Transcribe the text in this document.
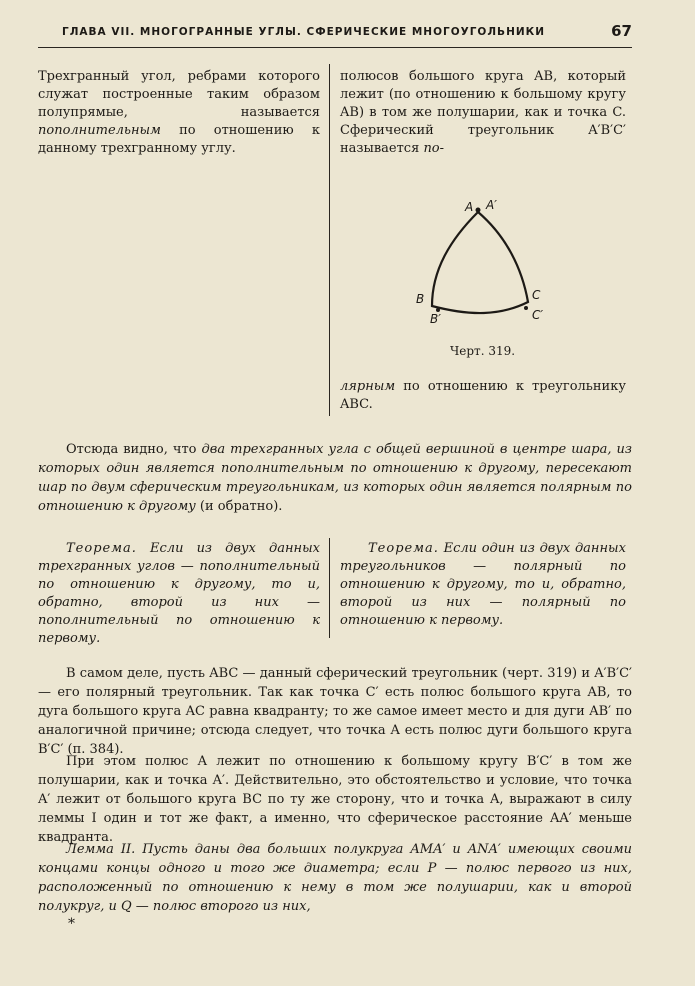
ГЛАВА VII. МНОГОГРАННЫЕ УГЛЫ. СФЕРИЧЕСКИЕ МНОГОУГОЛЬНИКИ	67
Трехгранный угол, ребрами которого служат построенные таким образом полупрямые, называется пополнительным по отношению к данному трехгранному углу.
полюсов большого круга AB, который лежит (по отношению к большому кругу AB) в том же полушарии, как и точка C. Сферический треугольник A′B′C′ называется по-
A A′
B
B′
C
C′
Черт. 319.
лярным по отношению к треугольнику ABC.
Отсюда видно, что два трехгранных угла с общей вершиной в центре шара, из которых один является пополнительным по отношению к другому, пересекают шар по двум сферическим треугольникам, из которых один является полярным по отношению к другому (и обратно).
Теорема. Если из двух данных трехгранных углов — пополнительный по отношению к другому, то и, обратно, второй из них — пополнительный по отношению к первому.
Теорема. Если один из двух данных треугольников — полярный по отношению к другому, то и, обратно, второй из них — полярный по отношению к первому.
В самом деле, пусть ABC — данный сферический треугольник (черт. 319) и A′B′C′ — его полярный треугольник. Так как точка C′ есть полюс большого круга AB, то дуга большого круга AC равна квадранту; то же самое имеет место и для дуги AB′ по аналогичной причине; отсюда следует, что точка A есть полюс дуги большого круга B′C′ (п. 384).
При этом полюс A лежит по отношению к большому кругу B′C′ в том же полушарии, как и точка A′. Действительно, это обстоятельство и условие, что точка A′ лежит от большого круга BC по ту же сторону, что и точка A, выражают в силу леммы I один и тот же факт, а именно, что сферическое расстояние AA′ меньше квадранта.
Лемма II. Пусть даны два больших полукруга AMA′ и ANA′ имеющих своими концами концы одного и того же диаметра; если P — полюс первого из них, расположенный по отношению к нему в том же полушарии, как и второй полукруг, и Q — полюс второго из них,
*
